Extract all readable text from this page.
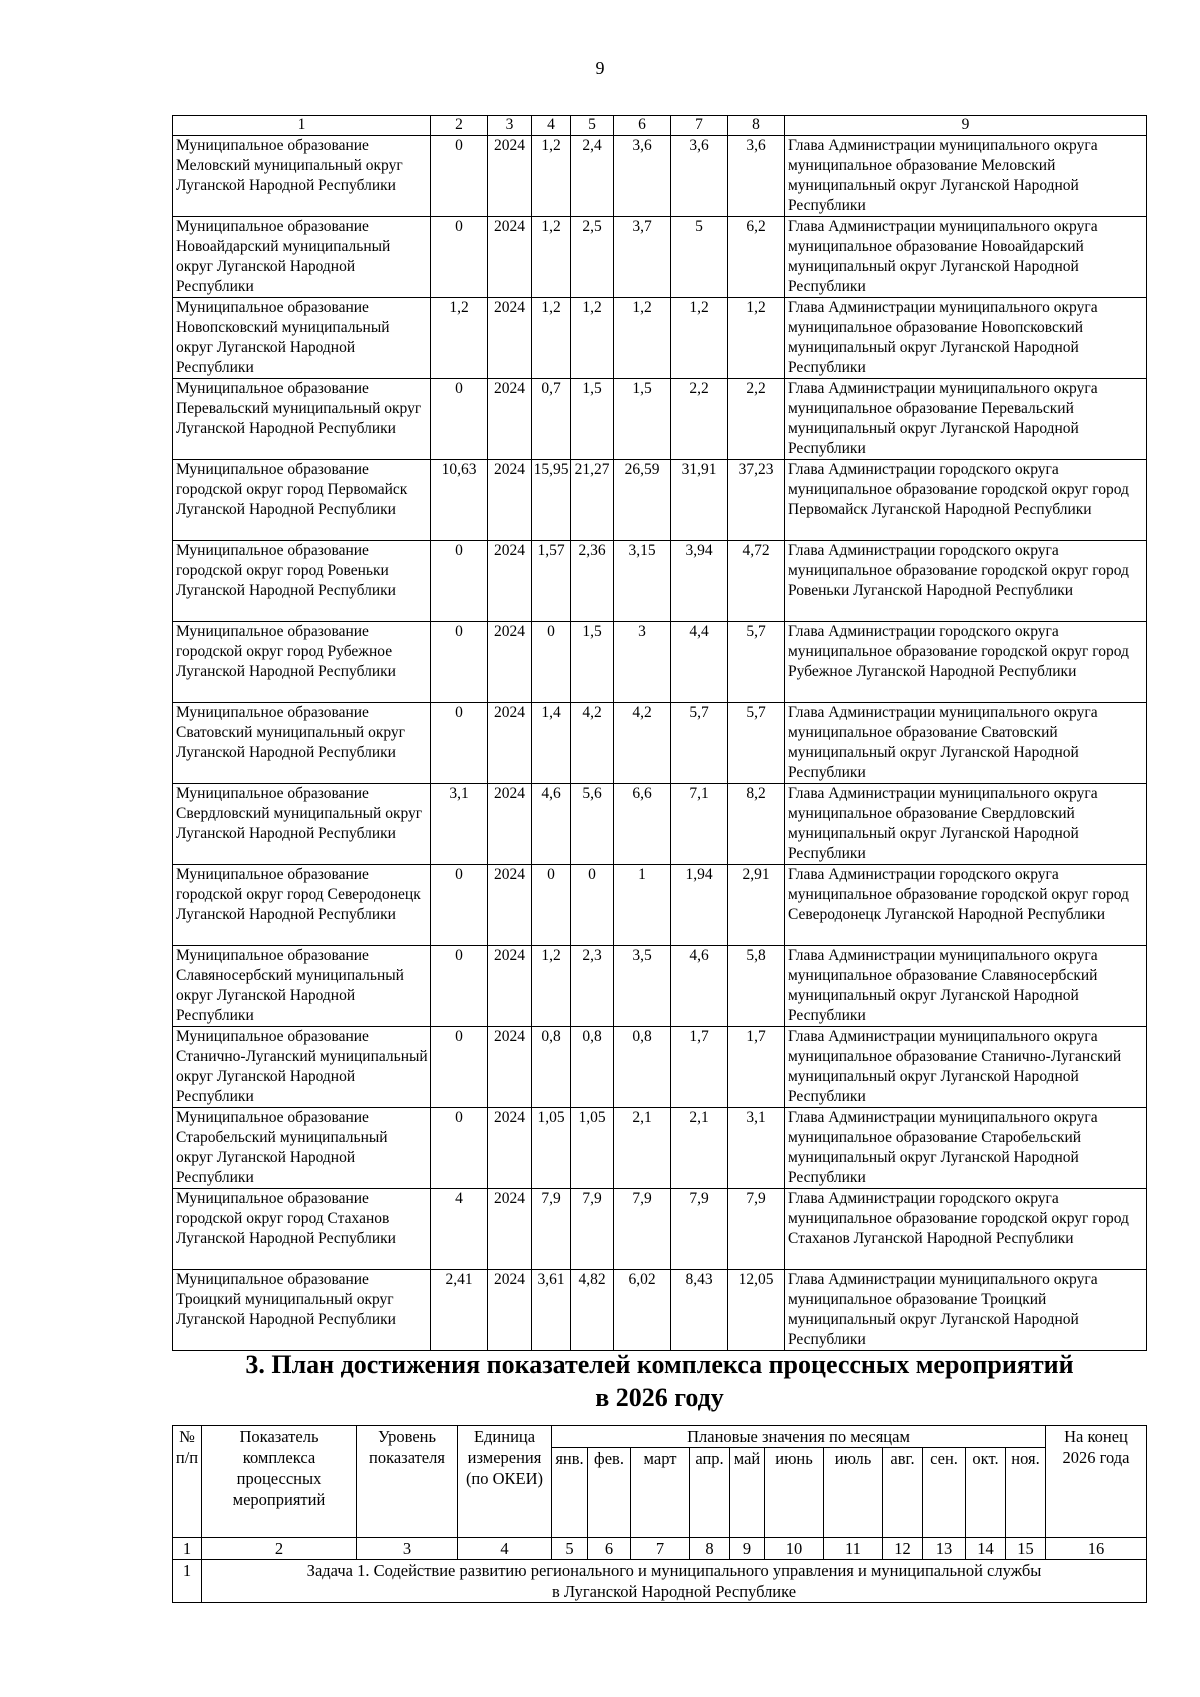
9
1	2	3	4	5	6	7	8	9
Муниципальное образование Меловский муниципальный округ Луганской Народной Республики	0	2024	1,2	2,4	3,6	3,6	3,6	Глава Администрации муниципального округа муниципальное образование Меловский муниципальный округ Луганской Народной Республики
Муниципальное образование Новоайдарский муниципальный округ Луганской Народной Республики	0	2024	1,2	2,5	3,7	5	6,2	Глава Администрации муниципального округа муниципальное образование Новоайдарский муниципальный округ Луганской Народной Республики
Муниципальное образование Новопсковский муниципальный округ Луганской Народной Республики	1,2	2024	1,2	1,2	1,2	1,2	1,2	Глава Администрации муниципального округа муниципальное образование Новопсковский муниципальный округ Луганской Народной Республики
Муниципальное образование Перевальский муниципальный округ Луганской Народной Республики	0	2024	0,7	1,5	1,5	2,2	2,2	Глава Администрации муниципального округа муниципальное образование Перевальский муниципальный округ Луганской Народной Республики
Муниципальное образование городской округ город Первомайск Луганской Народной Республики	10,63	2024	15,95	21,27	26,59	31,91	37,23	Глава Администрации городского округа муниципальное образование городской округ город Первомайск Луганской Народной Республики
Муниципальное образование городской округ город Ровеньки Луганской Народной Республики	0	2024	1,57	2,36	3,15	3,94	4,72	Глава Администрации городского округа муниципальное образование городской округ город Ровеньки Луганской Народной Республики
Муниципальное образование городской округ город Рубежное Луганской Народной Республики	0	2024	0	1,5	3	4,4	5,7	Глава Администрации городского округа муниципальное образование городской округ город Рубежное Луганской Народной Республики
Муниципальное образование Сватовский муниципальный округ Луганской Народной Республики	0	2024	1,4	4,2	4,2	5,7	5,7	Глава Администрации муниципального округа муниципальное образование Сватовский муниципальный округ Луганской Народной Республики
Муниципальное образование Свердловский муниципальный округ Луганской Народной Республики	3,1	2024	4,6	5,6	6,6	7,1	8,2	Глава Администрации муниципального округа муниципальное образование Свердловский муниципальный округ Луганской Народной Республики
Муниципальное образование городской округ город Северодонецк Луганской Народной Республики	0	2024	0	0	1	1,94	2,91	Глава Администрации городского округа муниципальное образование городской округ город Северодонецк Луганской Народной Республики
Муниципальное образование Славяносербский муниципальный округ Луганской Народной Республики	0	2024	1,2	2,3	3,5	4,6	5,8	Глава Администрации муниципального округа муниципальное образование Славяносербский муниципальный округ Луганской Народной Республики
Муниципальное образование Станично-Луганский муниципальный округ Луганской Народной Республики	0	2024	0,8	0,8	0,8	1,7	1,7	Глава Администрации муниципального округа муниципальное образование Станично-Луганский муниципальный округ Луганской Народной Республики
Муниципальное образование Старобельский муниципальный округ Луганской Народной Республики	0	2024	1,05	1,05	2,1	2,1	3,1	Глава Администрации муниципального округа муниципальное образование Старобельский муниципальный округ Луганской Народной Республики
Муниципальное образование городской округ город Стаханов Луганской Народной Республики	4	2024	7,9	7,9	7,9	7,9	7,9	Глава Администрации городского округа муниципальное образование городской округ город Стаханов Луганской Народной Республики
Муниципальное образование Троицкий муниципальный округ Луганской Народной Республики	2,41	2024	3,61	4,82	6,02	8,43	12,05	Глава Администрации муниципального округа муниципальное образование Троицкий муниципальный округ Луганской Народной Республики
3. План достижения показателей комплекса процессных мероприятий
в 2026 году
№ п/п	Показатель комплекса процессных мероприятий	Уровень показателя	Единица измерения (по ОКЕИ)	Плановые значения по месяцам											На конец 2026 года
				янв.	фев.	март	апр.	май	июнь	июль	авг.	сен.	окт.	ноя.	
1	2	3	4	5	6	7	8	9	10	11	12	13	14	15	16
1	Задача 1. Содействие развитию регионального и муниципального управления и муниципальной службы
в Луганской Народной Республике														
